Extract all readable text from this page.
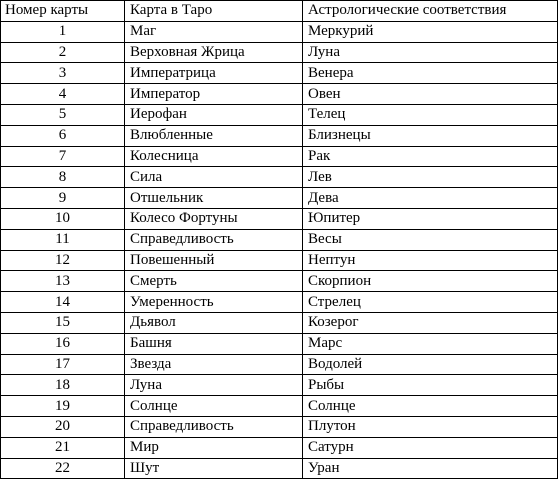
Номер карты	Карта в Таро	Астрологические соответствия
1	Маг	Меркурий
2	Верховная Жрица	Луна
3	Императрица	Венера
4	Император	Овен
5	Иерофан	Телец
6	Влюбленные	Близнецы
7	Колесница	Рак
8	Сила	Лев
9	Отшельник	Дева
10	Колесо Фортуны	Юпитер
11	Справедливость	Весы
12	Повешенный	Нептун
13	Смерть	Скорпион
14	Умеренность	Стрелец
15	Дьявол	Козерог
16	Башня	Марс
17	Звезда	Водолей
18	Луна	Рыбы
19	Солнце	Солнце
20	Справедливость	Плутон
21	Мир	Сатурн
22	Шут	Уран
